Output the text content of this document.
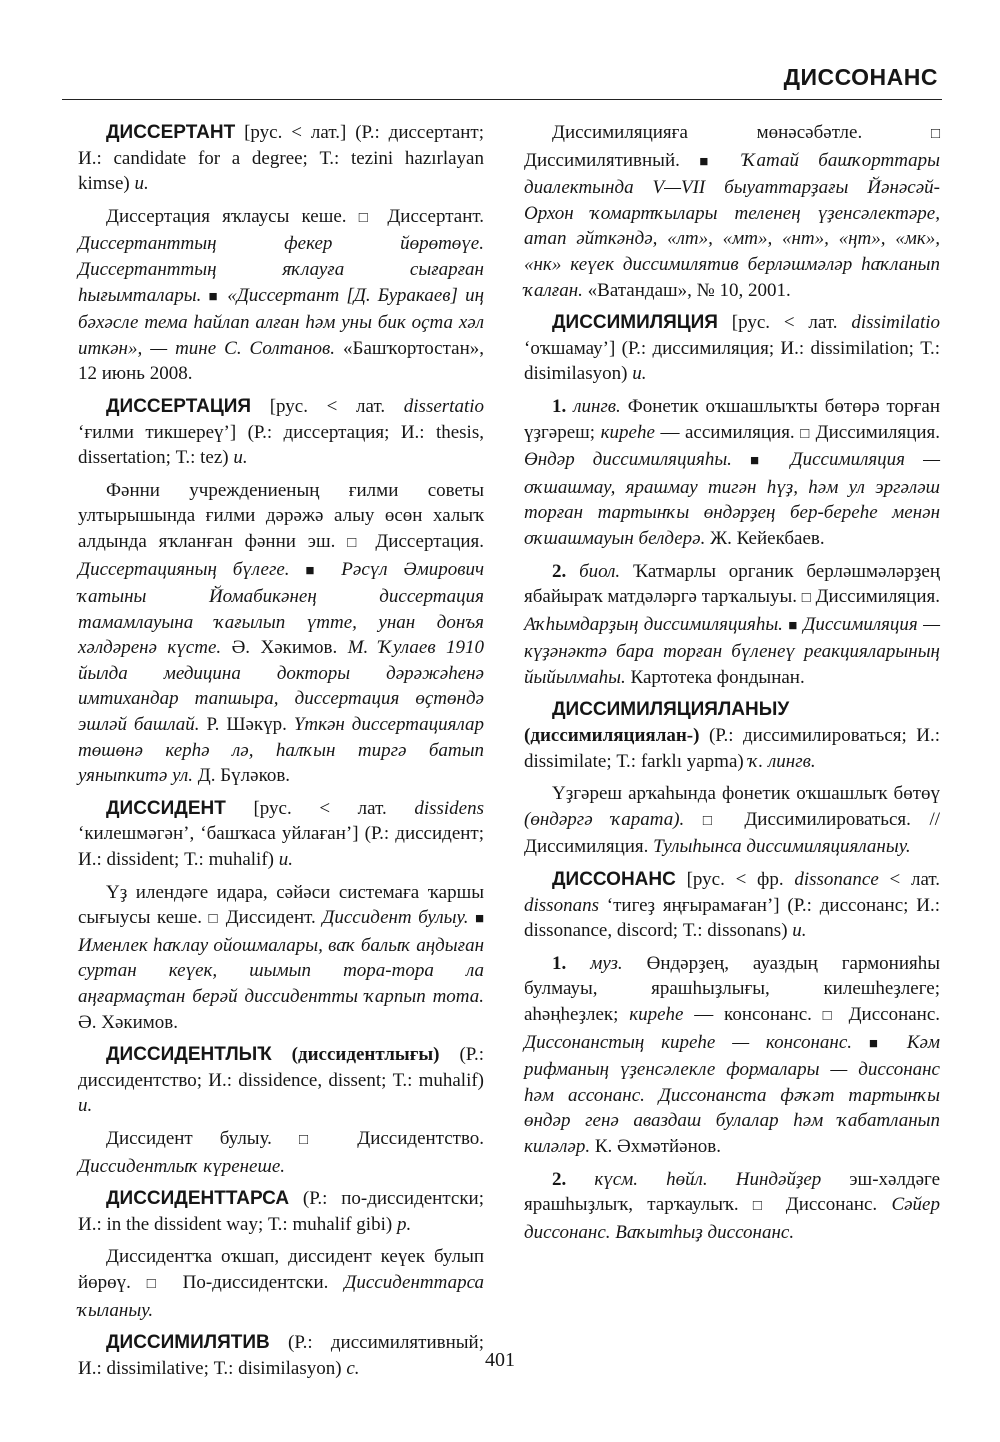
ДИССОНАНС

ДИССЕРТАНТ [рус. < лат.] (Р.: диссертант; И.: candidate for a degree; Т.: tezini hazırlayan kimse) и.

Диссертация яҡлаусы кеше. □ Диссертант. Диссертанттың фекер йөрөтөүе. Диссертанттың яҡлауға сығарған һығымталары. ■ «Диссертант [Д. Буракаев] иң бәхәсле тема һайлап алған һәм уны бик оҫта хәл иткән», — тине С. Солтанов. «Башҡортостан», 12 июнь 2008.

ДИССЕРТАЦИЯ [рус. < лат. dissertatio ‘ғилми тикшереү’] (Р.: диссертация; И.: thesis, dissertation; Т.: tez) и.

Фәнни учреждениеның ғилми советы ултырышында ғилми дәрәжә алыу өсөн халыҡ алдында яҡланған фәнни эш. □ Диссертация. Диссертацияның бүлеге. ■ Рәсүл Әмирович ҡатыны Йомабикәнең диссертация тамамлауына ҡағылып үтте, унан донъя хәлдәренә күсте. Ә. Хәкимов. М. Ҡулаев 1910 йылда медицина докторы дәрәжәһенә имтихандар тапшыра, диссертация өҫтөндә эшләй башлай. Р. Шәкүр. Үткән диссертациялар төшөнә керһә лә, һалҡын тиргә батып уяныпкитә ул. Д. Бүләков.

ДИССИДЕНТ [рус. < лат. dissidens ‘килешмәгән’, ‘башҡаса уйлаған’] (Р.: диссидент; И.: dissident; Т.: muhalif) и.

Үҙ илендәге идара, сәйәси системаға ҡаршы сығыусы кеше. □ Диссидент. Диссидент булыу. ■ Именлек һаҡлау ойошмалары, ваҡ балыҡ аңдыған суртан кеүек, шымып тора-тора ла аңғармаҫтан берәй диссидентты ҡарпып тота. Ә. Хәкимов.

ДИССИДЕНТЛЫҠ (диссидентлығы) (Р.: диссидентство; И.: dissidence, dissent; Т.: muhalif) и.

Диссидент булыу. □ Диссидентство. Диссидентлыҡ күренеше.

ДИССИДЕНТТАРСА (Р.: по-диссидентски; И.: in the dissident way; Т.: muhalif gibi) р.

Диссидентҡа оҡшап, диссидент кеүек булып йөрөү. □ По-диссидентски. Диссиденттарса ҡыланыу.

ДИССИМИЛЯТИВ (Р.: диссимилятивный; И.: dissimilative; Т.: disimilasyon) с.

Диссимиляцияға мөнәсәбәтле.	□ Диссимилятивный. ■ Ҡатай башҡорттары диалектында V—VII быуаттарҙағы Йәнәсәй-Орхон ҡомартҡылары теленең үҙенсәлектәре, атап әйткәндә, «лт», «мт», «нт», «ңт», «мк», «нк» кеүек диссимилятив берләшмәләр һаҡланып ҡалған. «Ватандаш», № 10, 2001.

ДИССИМИЛЯЦИЯ [рус. < лат. dissimilatio ‘оҡшамау’] (Р.: диссимиляция; И.: dissimilation; Т.: disimilasyon) и.

1. лингв. Фонетик оҡшашлыҡты бөтөрә торған үҙгәреш; киреһе — ассимиляция. □ Диссимиляция. Өндәр диссимиляцияһы. ■ Диссимиляция — оҡшашмау, ярашмау тигән һүҙ, һәм ул эргәләш торған тартынҡы өндәрҙең бер-береһе менән оҡшашмауын белдерә. Ж. Кейекбаев.

2. биол. Ҡатмарлы органик берләшмәләрҙең ябайыраҡ матдәләргә тарҡалыуы. □ Диссимиляция. Аҡһымдарҙың диссимиляцияһы. ■ Диссимиляция — күҙәнәктә бара торған бүленеү реакцияларының йыйылмаһы. Картотека фондынан.

ДИССИМИЛЯЦИЯЛАНЫУ (диссимиляциялан-) (Р.: диссимилироваться; И.: dissimilate; Т.: farklı yapma) ҡ. лингв.

Үҙгәреш арҡаһында фонетик оҡшашлыҡ бөтөү (өндәргә ҡарата). □ Диссимилироваться. // Диссимиляция. Тулыһынса диссимиляцияланыу.

ДИССОНАНС [рус. < фр. dissonance < лат. dissonans ‘тигеҙ яңғырамаған’] (Р.: диссонанс; И.: dissonance, discord; Т.: dissonans) и.

1. муз. Өндәрҙең, ауаздың гармонияһы булмауы, ярашһыҙлығы, килешһеҙлеге; аһәңһеҙлек; киреһе — консонанс. □ Диссонанс. Диссонанстың киреһе — консонанс. ■ Кәм рифманың үҙенсәлекле формалары — диссонанс һәм ассонанс. Диссонанста фәҡәт тартынҡы өндәр генә аваздаш булалар һәм ҡабатланып киләләр. К. Әхмәтйәнов.

2. күсм. һөйл. Ниндәйҙер эш-хәлдәге ярашһыҙлыҡ, тарҡаулыҡ. □ Диссонанс. Сәйер диссонанс. Ваҡытһыҙ диссонанс.

401
